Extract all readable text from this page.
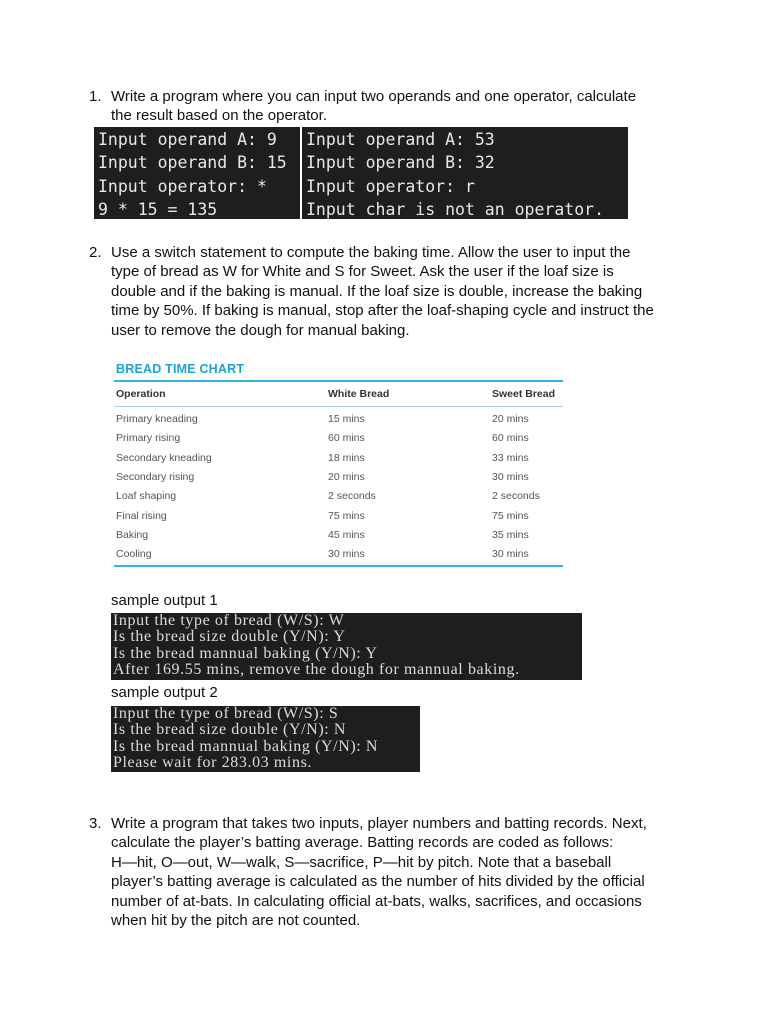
1. Write a program where you can input two operands and one operator, calculate
the result based on the operator.
Input operand A: 9
Input operand B: 15
Input operator: *
9 * 15 = 135
Input operand A: 53
Input operand B: 32
Input operator: r
Input char is not an operator.
2. Use a switch statement to compute the baking time. Allow the user to input the
type of bread as W for White and S for Sweet. Ask the user if the loaf size is
double and if the baking is manual. If the loaf size is double, increase the baking
time by 50%. If baking is manual, stop after the loaf-shaping cycle and instruct the
user to remove the dough for manual baking.
BREAD TIME CHART
Operation	White Bread	Sweet Bread
Primary kneading	15 mins	20 mins
Primary rising	60 mins	60 mins
Secondary kneading	18 mins	33 mins
Secondary rising	20 mins	30 mins
Loaf shaping	2 seconds	2 seconds
Final rising	75 mins	75 mins
Baking	45 mins	35 mins
Cooling	30 mins	30 mins
sample output 1
Input the type of bread (W/S): W
Is the bread size double (Y/N): Y
Is the bread mannual baking (Y/N): Y
After 169.55 mins, remove the dough for mannual baking.
sample output 2
Input the type of bread (W/S): S
Is the bread size double (Y/N): N
Is the bread mannual baking (Y/N): N
Please wait for 283.03 mins.
3. Write a program that takes two inputs, player numbers and batting records. Next,
calculate the player’s batting average. Batting records are coded as follows:
H—hit, O—out, W—walk, S—sacrifice, P—hit by pitch. Note that a baseball
player’s batting average is calculated as the number of hits divided by the official
number of at-bats. In calculating official at-bats, walks, sacrifices, and occasions
when hit by the pitch are not counted.
